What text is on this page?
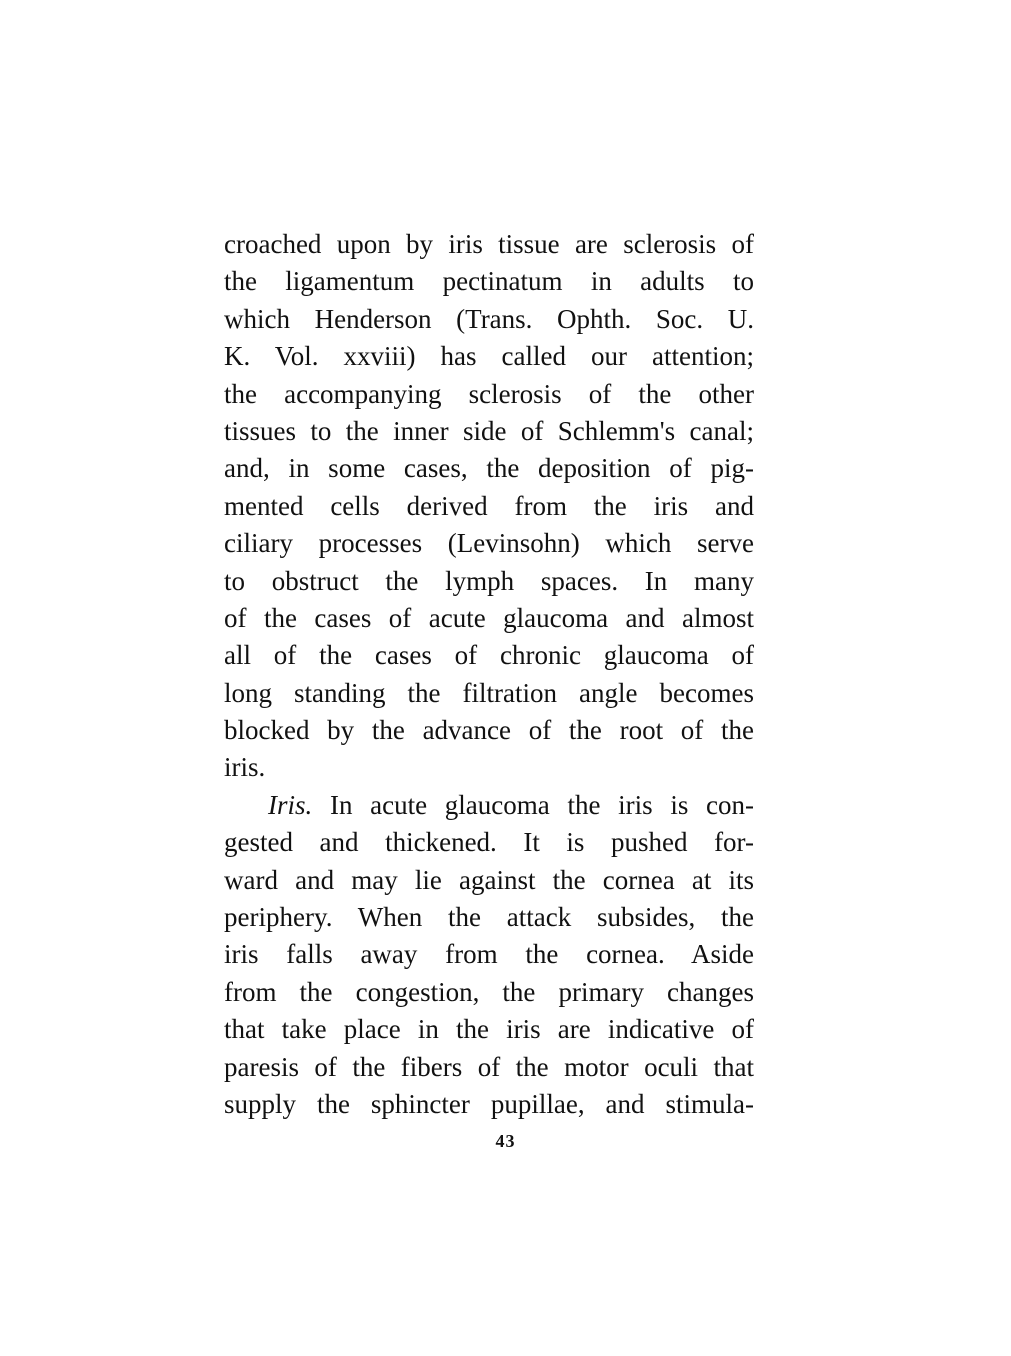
croached upon by iris tissue are sclerosis of
the ligamentum pectinatum in adults to
which Henderson (Trans. Ophth. Soc. U.
K. Vol. xxviii) has called our attention;
the accompanying sclerosis of the other
tissues to the inner side of Schlemm's canal;
and, in some cases, the deposition of pig-
mented cells derived from the iris and
ciliary processes (Levinsohn) which serve
to obstruct the lymph spaces. In many
of the cases of acute glaucoma and almost
all of the cases of chronic glaucoma of
long standing the filtration angle becomes
blocked by the advance of the root of the
iris.
Iris. In acute glaucoma the iris is con-
gested and thickened. It is pushed for-
ward and may lie against the cornea at its
periphery. When the attack subsides, the
iris falls away from the cornea. Aside
from the congestion, the primary changes
that take place in the iris are indicative of
paresis of the fibers of the motor oculi that
supply the sphincter pupillae, and stimula-
43
